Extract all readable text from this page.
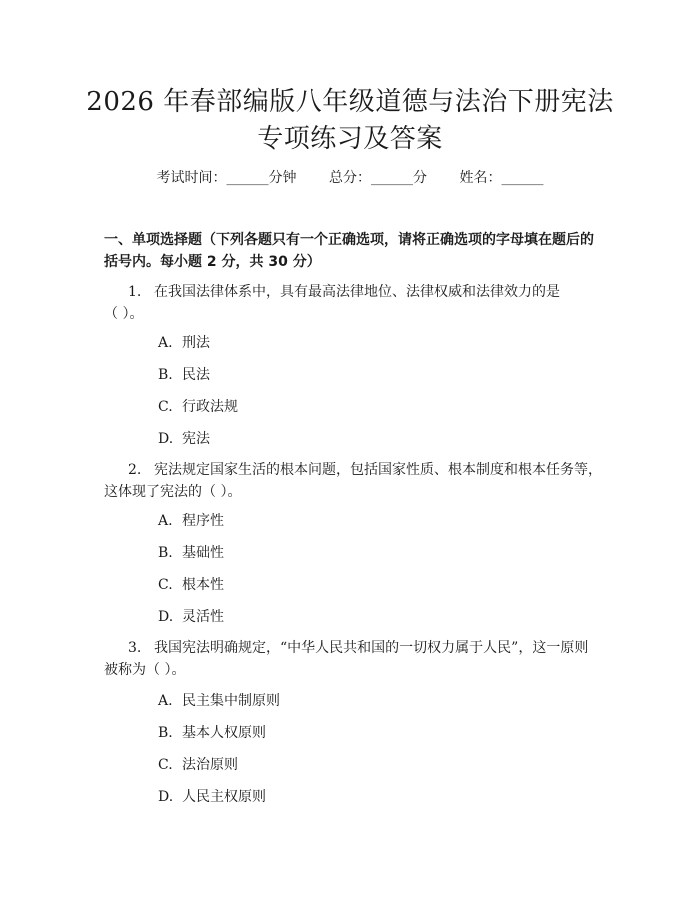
2026 年春部编版八年级道德与法治下册宪法
专项练习及答案
考试时间：______分钟 总分：______分 姓名：______
一、单项选择题（下列各题只有一个正确选项，请将正确选项的字母填在题后的
括号内。每小题 2 分，共 30 分）
1. 在我国法律体系中，具有最高法律地位、法律权威和法律效力的是
（ ）。
A. 刑法
B. 民法
C. 行政法规
D. 宪法
2. 宪法规定国家生活的根本问题，包括国家性质、根本制度和根本任务等，
这体现了宪法的（ ）。
A. 程序性
B. 基础性
C. 根本性
D. 灵活性
3. 我国宪法明确规定，“中华人民共和国的一切权力属于人民”，这一原则
被称为（ ）。
A. 民主集中制原则
B. 基本人权原则
C. 法治原则
D. 人民主权原则
